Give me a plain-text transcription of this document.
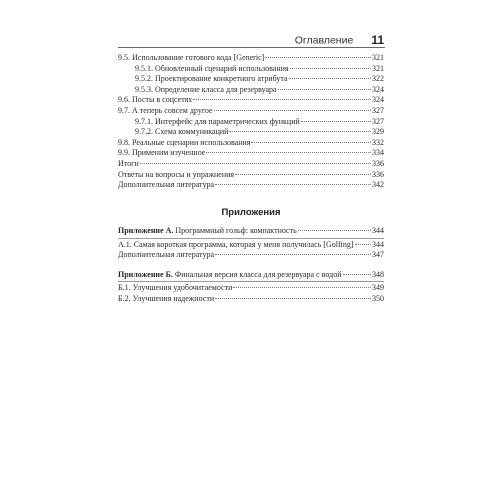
Оглавление 11
9.5. Использование готового кода [Generic]	321
9.5.1. Обновленный сценарий использования	321
9.5.2. Проектирование конкретного атрибута	322
9.5.3. Определение класса для резервуара	324
9.6. Посты в соцсетях	324
9.7. А теперь совсем другое	327
9.7.1. Интерфейс для параметрических функций	327
9.7.2. Схема коммуникаций	329
9.8. Реальные сценарии использования	332
9.9. Применим изученное	334
Итоги	336
Ответы на вопросы и упражнения	336
Дополнительная литература	342
Приложения
Приложение А. Программный гольф: компактность	344
А.1. Самая короткая программа, которая у меня получилась [Golfing] 344
Дополнительная литература	347
Приложение Б. Финальная версия класса для резервуара с водой	348
Б.1. Улучшения удобочитаемости	349
Б.2. Улучшения надежности	350
